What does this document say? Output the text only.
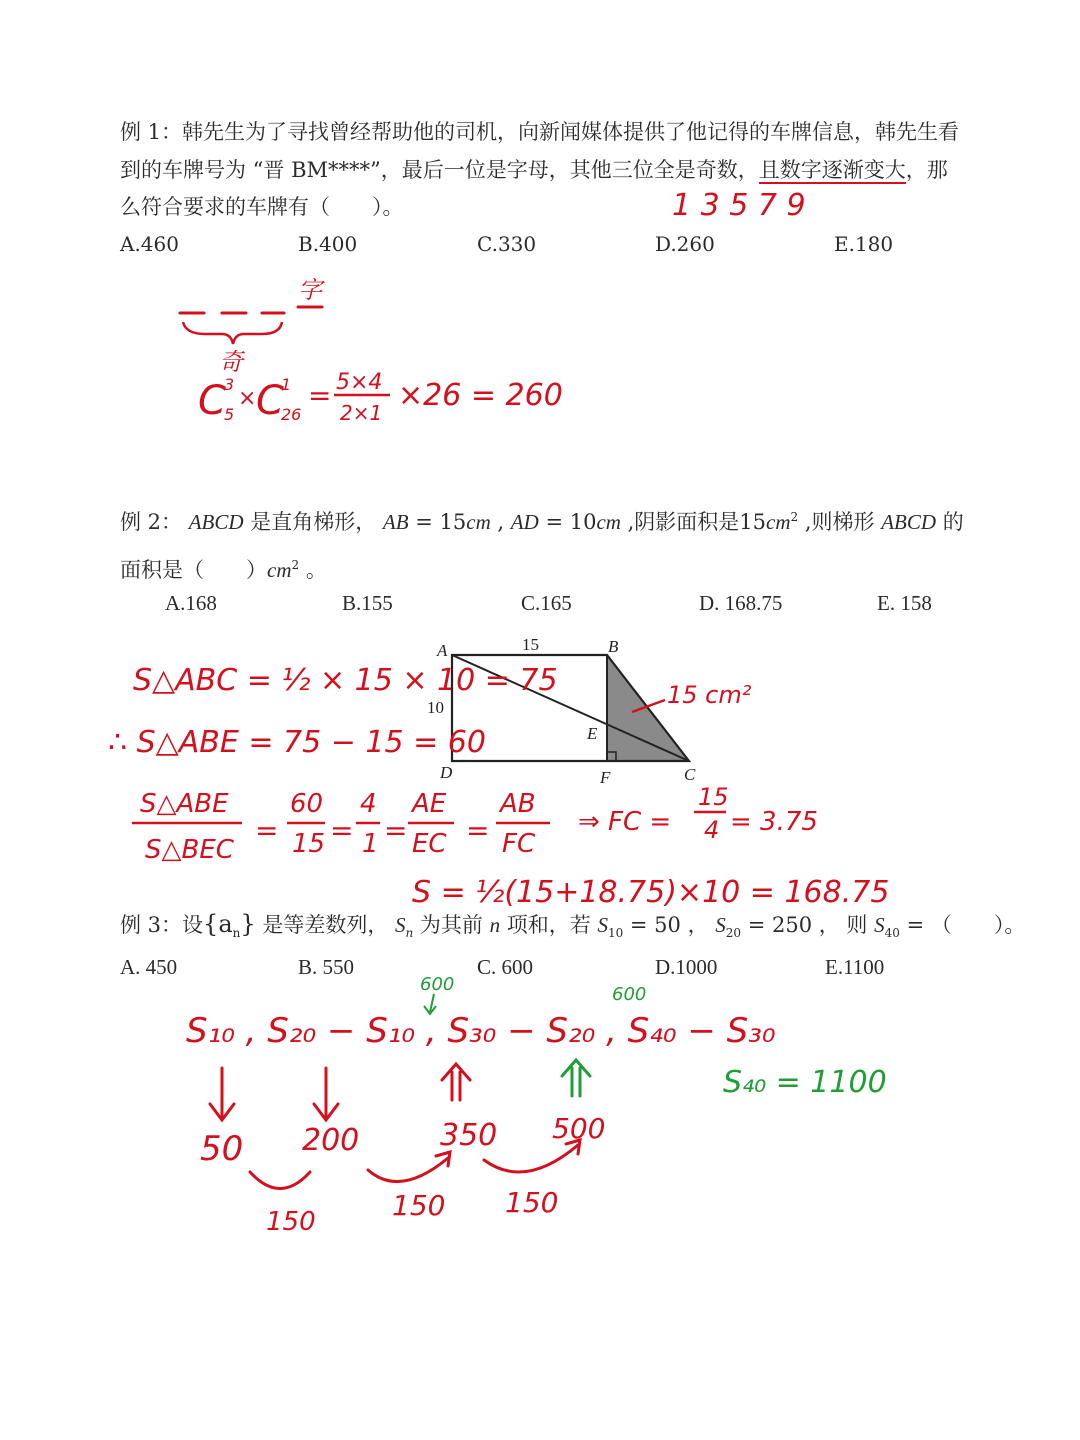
例 1：韩先生为了寻找曾经帮助他的司机，向新闻媒体提供了他记得的车牌信息，韩先生看
到的车牌号为 “晋 BM****”，最后一位是字母，其他三位全是奇数，且数字逐渐变大，那
么符合要求的车牌有（　　）。
A.460	B.400	C.330	D.260	E.180
1 3 5 7 9
字
奇
C
3
5
× C
1
26
= 5×4
2×1 ×26 = 260
例 2： ABCD 是直角梯形， AB = 15cm , AD = 10cm ,阴影面积是$15cm^2$ ,则梯形 ABCD 的
面积是（　　）$cm^2$ 。
A.168	B.155	C.165	D. 168.75	E. 158
A	B
C
D
E
F
15
10	15 cm²
S△ABC = ½ × 15 × 10 = 75
∴ S△ABE = 75 − 15 = 60
S△ABE
S△BEC
=
60
15 =
4
1 =
AE
EC =
AB
FC
⇒ FC =
15
4 = 3.75
S = ½(15+18.75)×10 = 168.75
例 3：设$\{a_n\}$ 是等差数列， $S_n$ 为其前 n 项和，若 $S_{10} = 50$ ， $S_{20} = 250$ ， 则 $S_{40}$ = （　　）。
A. 450	B. 550	C. 600	D.1000	E.1100
S₁₀ , S₂₀ − S₁₀ , S₃₀ − S₂₀ , S₄₀ − S₃₀
600	600
S₄₀ = 1100
50 200	350 500
150	150 150
